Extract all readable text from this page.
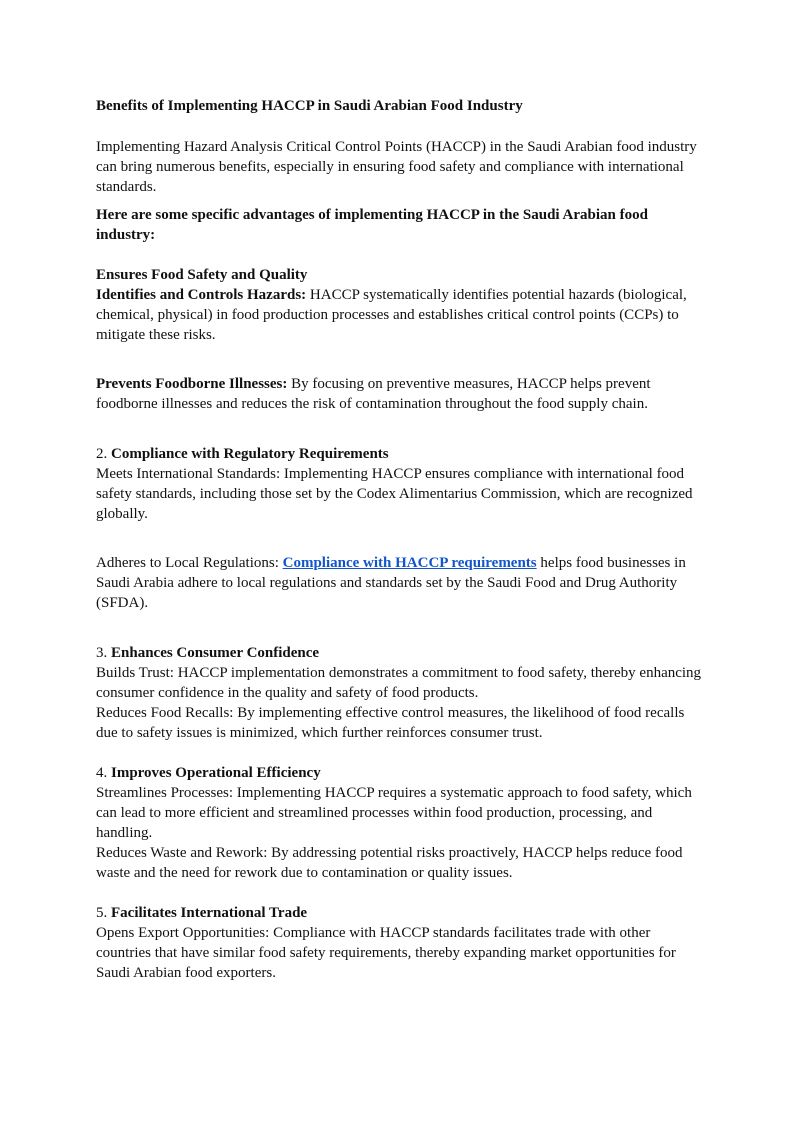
Benefits of Implementing HACCP in Saudi Arabian Food Industry

Implementing Hazard Analysis Critical Control Points (HACCP) in the Saudi Arabian food industry can bring numerous benefits, especially in ensuring food safety and compliance with international standards.

Here are some specific advantages of implementing HACCP in the Saudi Arabian food industry:

Ensures Food Safety and Quality

Identifies and Controls Hazards: HACCP systematically identifies potential hazards (biological, chemical, physical) in food production processes and establishes critical control points (CCPs) to mitigate these risks.

Prevents Foodborne Illnesses: By focusing on preventive measures, HACCP helps prevent foodborne illnesses and reduces the risk of contamination throughout the food supply chain.

2. Compliance with Regulatory Requirements

Meets International Standards: Implementing HACCP ensures compliance with international food safety standards, including those set by the Codex Alimentarius Commission, which are recognized globally.

Adheres to Local Regulations: Compliance with HACCP requirements helps food businesses in Saudi Arabia adhere to local regulations and standards set by the Saudi Food and Drug Authority (SFDA).

3. Enhances Consumer Confidence

Builds Trust: HACCP implementation demonstrates a commitment to food safety, thereby enhancing consumer confidence in the quality and safety of food products.

Reduces Food Recalls: By implementing effective control measures, the likelihood of food recalls due to safety issues is minimized, which further reinforces consumer trust.

4. Improves Operational Efficiency

Streamlines Processes: Implementing HACCP requires a systematic approach to food safety, which can lead to more efficient and streamlined processes within food production, processing, and handling.

Reduces Waste and Rework: By addressing potential risks proactively, HACCP helps reduce food waste and the need for rework due to contamination or quality issues.

5. Facilitates International Trade

Opens Export Opportunities: Compliance with HACCP standards facilitates trade with other countries that have similar food safety requirements, thereby expanding market opportunities for Saudi Arabian food exporters.
